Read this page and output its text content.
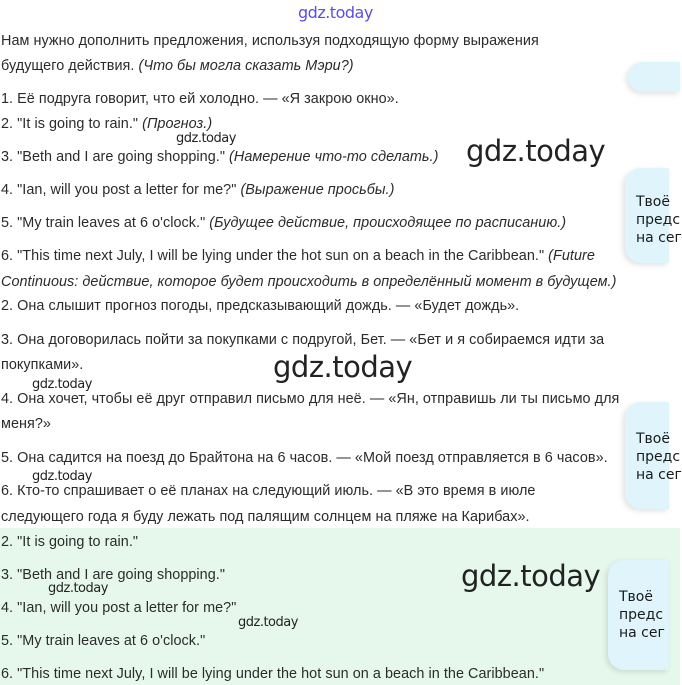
gdz.today
Нам нужно дополнить предложения, используя подходящую форму выражения
будущего действия. (Что бы могла сказать Мэри?)
1. Её подруга говорит, что ей холодно. — «Я закрою окно».
2. "It is going to rain." (Прогноз.)
3. "Beth and I are going shopping." (Намерение что-то сделать.)
4. "Ian, will you post a letter for me?" (Выражение просьбы.)
5. "My train leaves at 6 o'clock." (Будущее действие, происходящее по расписанию.)
6. "This time next July, I will be lying under the hot sun on a beach in the Caribbean." (Future
Continuous: действие, которое будет происходить в определённый момент в будущем.)
2. Она слышит прогноз погоды, предсказывающий дождь. — «Будет дождь».
3. Она договорилась пойти за покупками с подругой, Бет. — «Бет и я собираемся идти за
покупками».
4. Она хочет, чтобы её друг отправил письмо для неё. — «Ян, отправишь ли ты письмо для
меня?»
5. Она садится на поезд до Брайтона на 6 часов. — «Мой поезд отправляется в 6 часов».
6. Кто-то спрашивает о её планах на следующий июль. — «В это время в июле
следующего года я буду лежать под палящим солнцем на пляже на Карибах».
2. "It is going to rain."
3. "Beth and I are going shopping."
4. "Ian, will you post a letter for me?"
5. "My train leaves at 6 o'clock."
6. "This time next July, I will be lying under the hot sun on a beach in the Caribbean."
gdz.today	gdz.today
gdz.today
gdz.today
gdz.today
gdz.today
gdz.today
gdz.today
Твоё
предс
на сег
Твоё
предс
на сег
Твоё
предс
на сег
